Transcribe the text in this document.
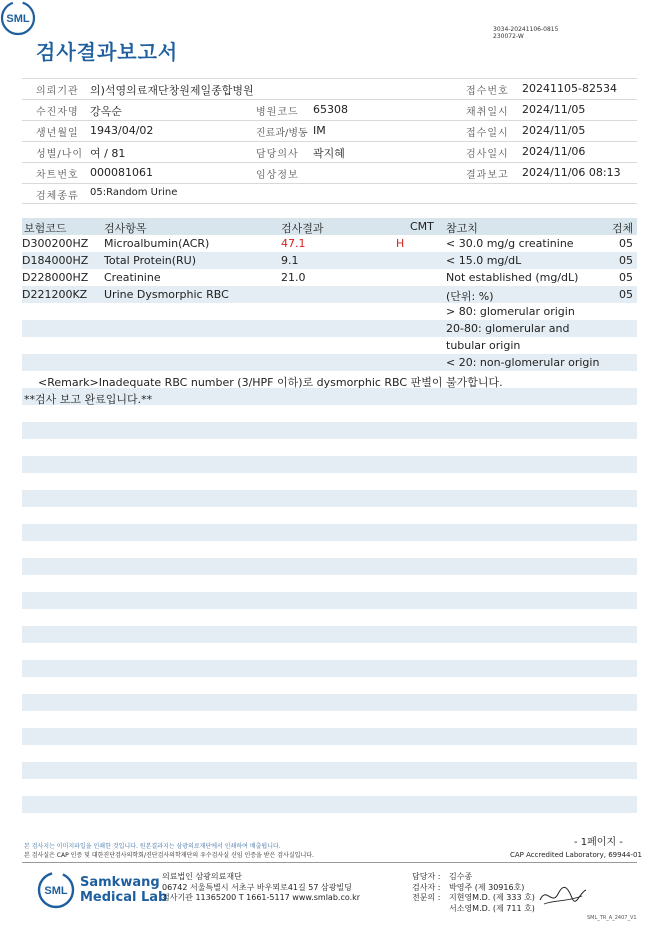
검사결과보고서
3034-20241106-0815
230072-W
SML
의뢰기관 의)석영의료재단창원제일종합병원	접수번호 20241105-82534
수진자명 강옥순	병원코드 65308	채취일시 2024/11/05
생년월일 1943/04/02	진료과/병동 IM	접수일시 2024/11/05
성별/나이 여 / 81	담당의사 곽지혜	검사일시 2024/11/06
차트번호 000081061	임상정보	결과보고 2024/11/06 08:13
검체종류 05:Random Urine
보험코드	검사항목	검사결과	CMT 참고치	검체
D300200HZ Microalbumin(ACR)	47.1	H	< 30.0 mg/g creatinine	05
D184000HZ Total Protein(RU)	9.1	< 15.0 mg/dL	05
D228000HZ Creatinine	21.0	Not established (mg/dL)	05
D221200KZ Urine Dysmorphic RBC	(단위: %)	05
> 80: glomerular origin
20-80: glomerular and
tubular origin
< 20: non-glomerular origin
<Remark>Inadequate RBC number (3/HPF 이하)로 dysmorphic RBC 판별이 불가합니다.
**검사 보고 완료입니다.**
본 검사지는 이미지파일을 인쇄한 것입니다. 원본결과지는 삼광의료재단에서 인쇄하여 배출됩니다.
본 검사실은 CAP 인증 및 대한진단검사의학회/진단검사의학재단의 우수검사실 신임 인증을 받은 검사실입니다.
- 1페이지 -
CAP Accredited Laboratory, 69944-01
SML
Samkwang
Medical Lab
의료법인 삼광의료재단
06742 서울특별시 서초구 바우뫼로41길 57 삼광빌딩
검사기관 11365200 T 1661-5117 www.smlab.co.kr
담당자 :
검사자 :
전문의 :
김수종
박영주 (제 30916호)
지현영M.D. (제 333 호)
서소영M.D. (제 711 호)
SML_TR_A_2407_V1
